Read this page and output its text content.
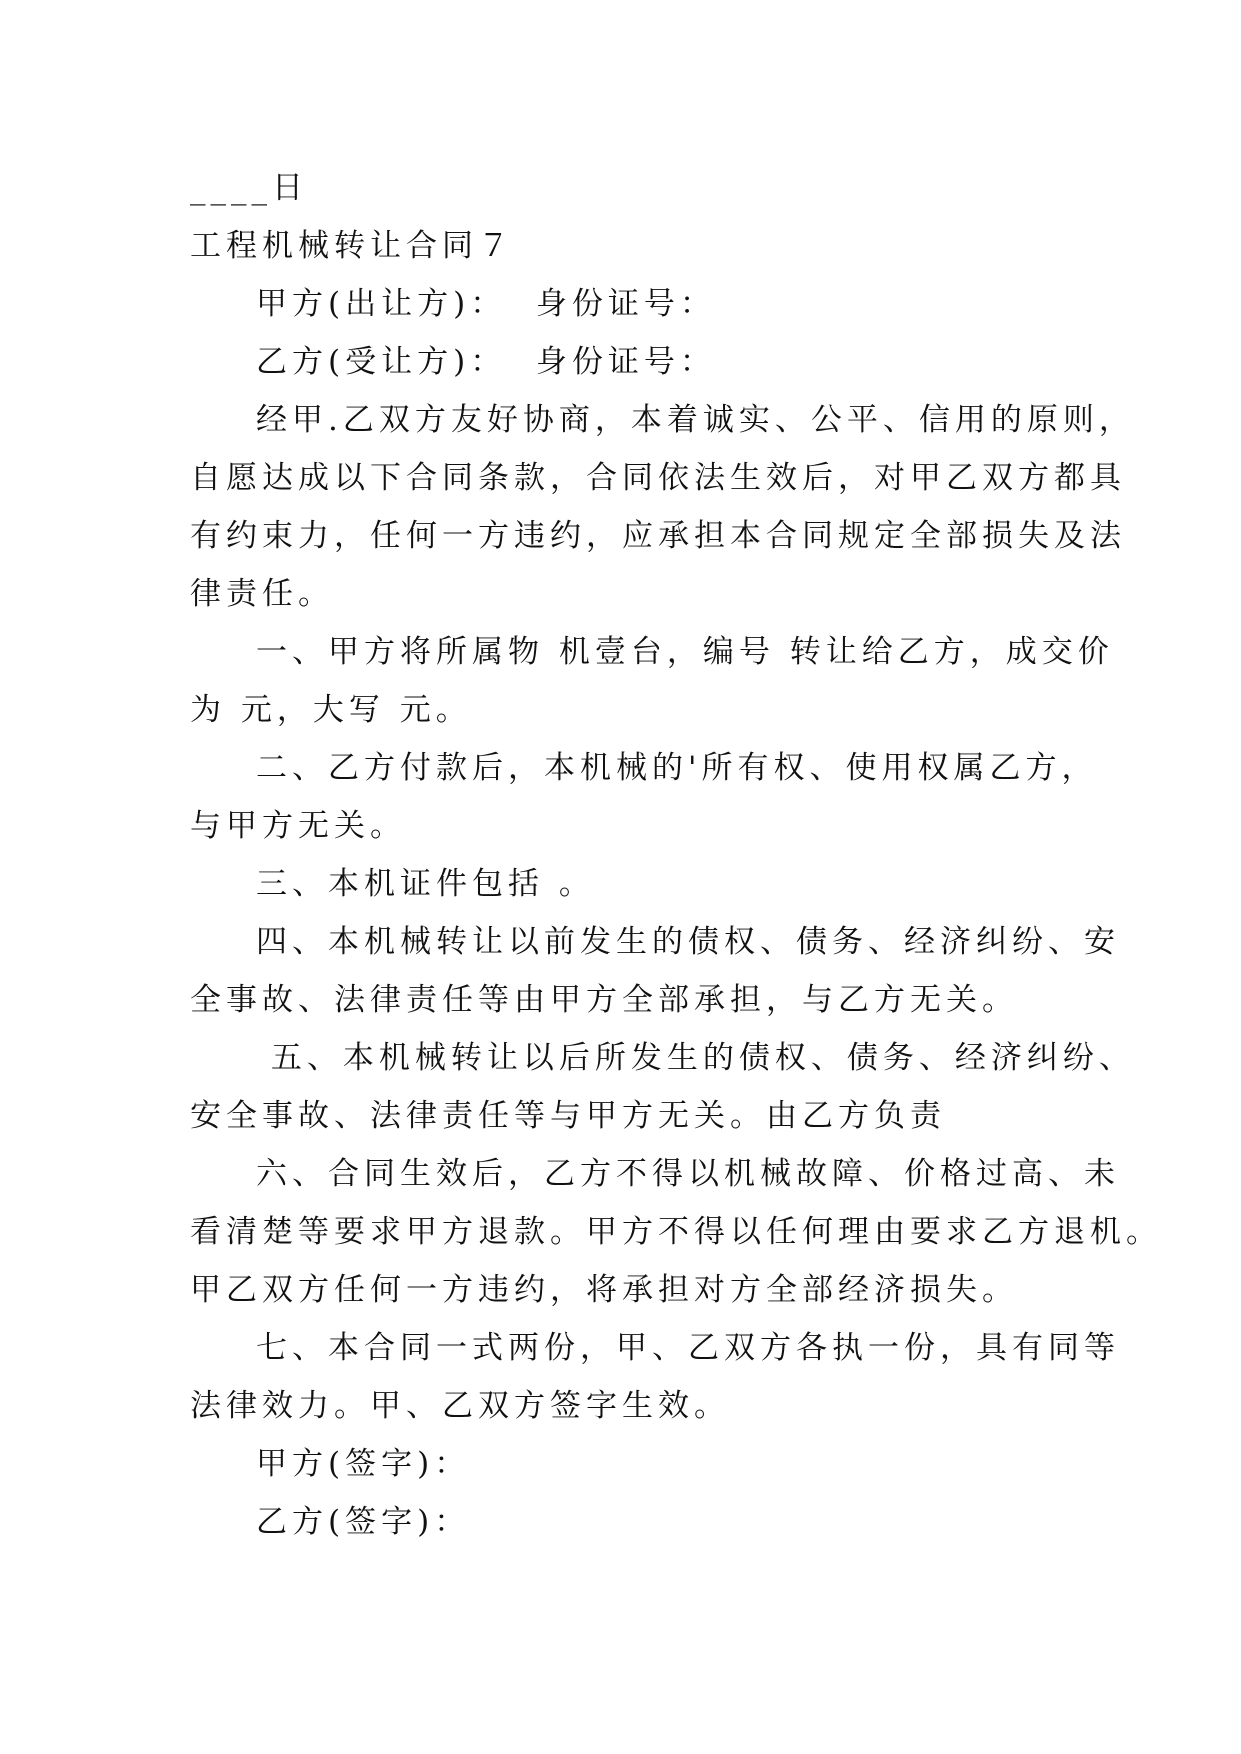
____日
工程机械转让合同７
甲方(出让方)：  身份证号：
乙方(受让方)：  身份证号：
经甲.乙双方友好协商，本着诚实、公平、信用的原则，
自愿达成以下合同条款，合同依法生效后，对甲乙双方都具
有约束力，任何一方违约，应承担本合同规定全部损失及法
律责任。
一、甲方将所属物 机壹台，编号 转让给乙方，成交价
为 元，大写 元。
二、乙方付款后，本机械的'所有权、使用权属乙方，
与甲方无关。
三、本机证件包括 。
四、本机械转让以前发生的债权、债务、经济纠纷、安
全事故、法律责任等由甲方全部承担，与乙方无关。
五、本机械转让以后所发生的债权、债务、经济纠纷、
安全事故、法律责任等与甲方无关。由乙方负责
六、合同生效后，乙方不得以机械故障、价格过高、未
看清楚等要求甲方退款。甲方不得以任何理由要求乙方退机。
甲乙双方任何一方违约，将承担对方全部经济损失。
七、本合同一式两份，甲、乙双方各执一份，具有同等
法律效力。甲、乙双方签字生效。
甲方(签字)：
乙方(签字)：
